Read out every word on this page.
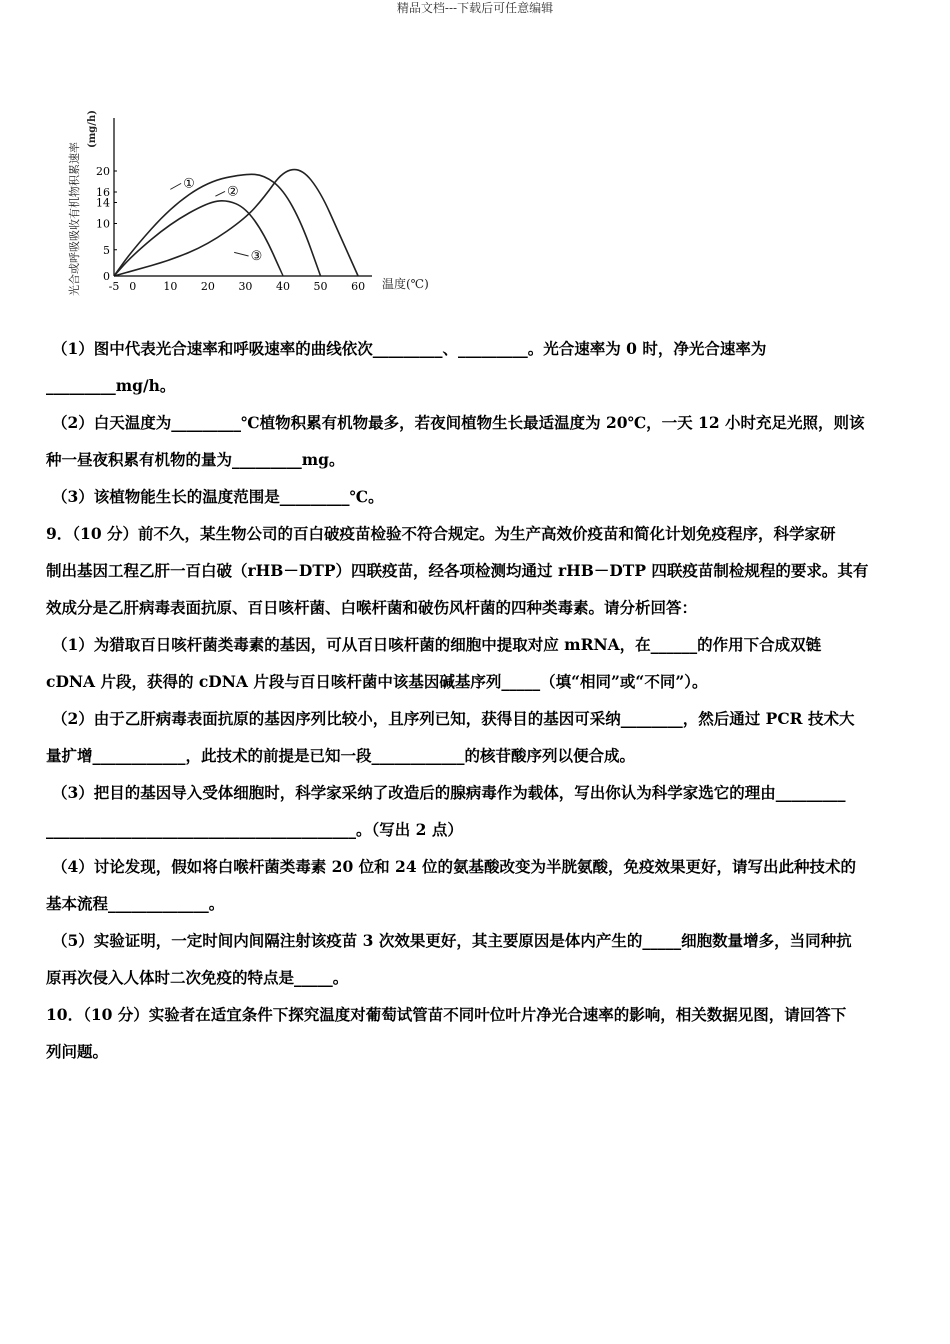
精品文档---下载后可任意编辑
0
5
10
14
16
20
-5 0 10 20 30 40 50 60
①
②
③
温度(℃)
光合或呼吸吸收有机物积累速率
(mg/h)
（1）图中代表光合速率和呼吸速率的曲线依次_________、_________。光合速率为 0 时，净光合速率为
_________mg/h。
（2）白天温度为_________℃植物积累有机物最多，若夜间植物生长最适温度为 20℃，一天 12 小时充足光照，则该
种一昼夜积累有机物的量为_________mg。
（3）该植物能生长的温度范围是_________℃。
9．（10 分）前不久，某生物公司的百白破疫苗检验不符合规定。为生产高效价疫苗和简化计划免疫程序，科学家研
制出基因工程乙肝一百白破（rHB－DTP）四联疫苗，经各项检测均通过 rHB－DTP 四联疫苗制检规程的要求。其有
效成分是乙肝病毒表面抗原、百日咳杆菌、白喉杆菌和破伤风杆菌的四种类毒素。请分析回答：
（1）为猎取百日咳杆菌类毒素的基因，可从百日咳杆菌的细胞中提取对应 mRNA，在______的作用下合成双链
cDNA 片段，获得的 cDNA 片段与百日咳杆菌中该基因碱基序列_____（填“相同”或“不同”）。
（2）由于乙肝病毒表面抗原的基因序列比较小，且序列已知，获得目的基因可采纳________，然后通过 PCR 技术大
量扩增____________，此技术的前提是已知一段____________的核苷酸序列以便合成。
（3）把目的基因导入受体细胞时，科学家采纳了改造后的腺病毒作为载体，写出你认为科学家选它的理由_________
________________________________________。（写出 2 点）
（4）讨论发现，假如将白喉杆菌类毒素 20 位和 24 位的氨基酸改变为半胱氨酸，免疫效果更好，请写出此种技术的
基本流程_____________。
（5）实验证明，一定时间内间隔注射该疫苗 3 次效果更好，其主要原因是体内产生的_____细胞数量增多，当同种抗
原再次侵入人体时二次免疫的特点是_____。
10．（10 分）实验者在适宜条件下探究温度对葡萄试管苗不同叶位叶片净光合速率的影响，相关数据见图，请回答下
列问题。
